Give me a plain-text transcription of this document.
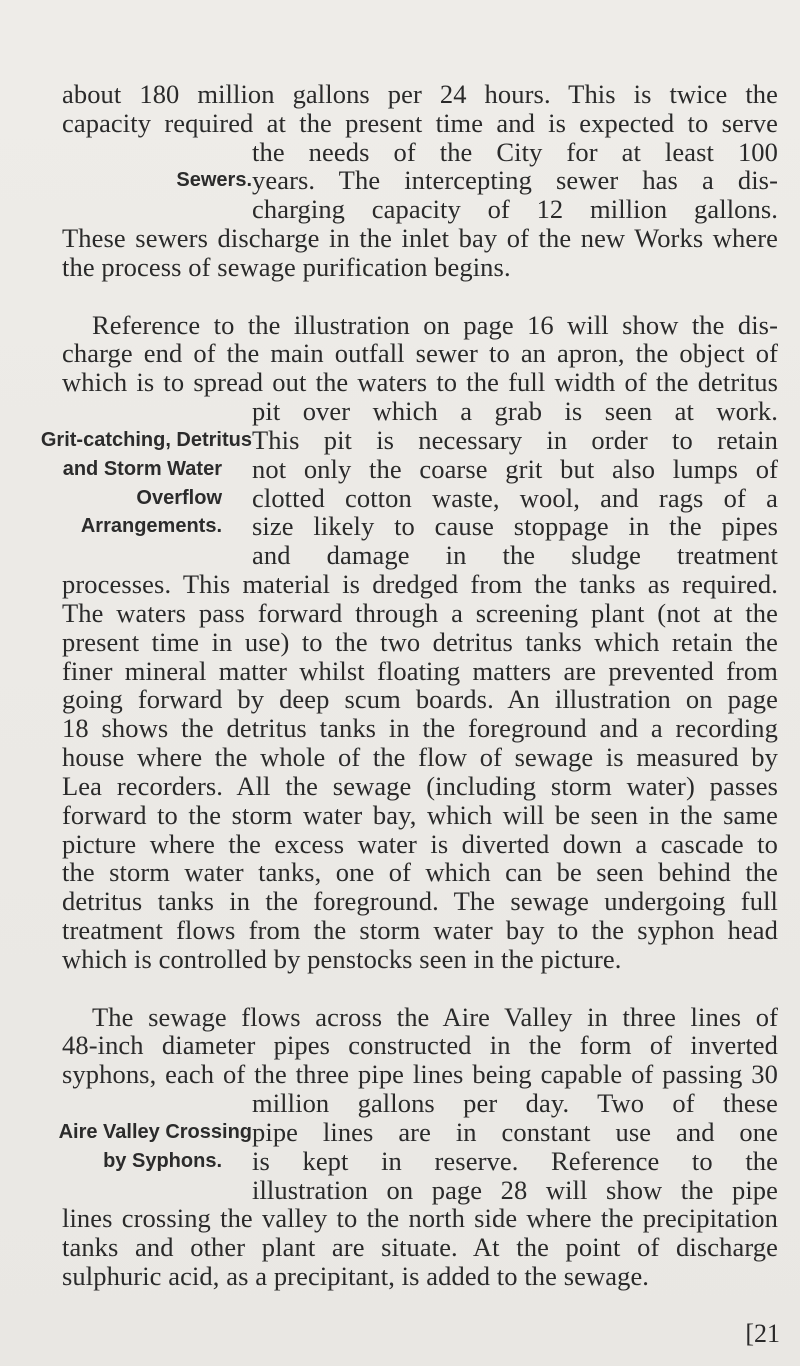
about 180 million gallons per 24 hours. This is twice the
capacity required at the present time and is expected to serve
the needs of the City for at least 100
Sewers. years. The intercepting sewer has a dis-
charging capacity of 12 million gallons.
These sewers discharge in the inlet bay of the new Works where
the process of sewage purification begins.
Reference to the illustration on page 16 will show the dis-
charge end of the main outfall sewer to an apron, the object of
which is to spread out the waters to the full width of the detritus
pit over which a grab is seen at work.
Grit-catching, Detritus This pit is necessary in order to retain
and Storm Water not only the coarse grit but also lumps of
Overflow clotted cotton waste, wool, and rags of a
Arrangements. size likely to cause stoppage in the pipes
and damage in the sludge treatment
processes. This material is dredged from the tanks as required.
The waters pass forward through a screening plant (not at the
present time in use) to the two detritus tanks which retain the
finer mineral matter whilst floating matters are prevented from
going forward by deep scum boards. An illustration on page
18 shows the detritus tanks in the foreground and a recording
house where the whole of the flow of sewage is measured by
Lea recorders. All the sewage (including storm water) passes
forward to the storm water bay, which will be seen in the same
picture where the excess water is diverted down a cascade to
the storm water tanks, one of which can be seen behind the
detritus tanks in the foreground. The sewage undergoing full
treatment flows from the storm water bay to the syphon head
which is controlled by penstocks seen in the picture.
The sewage flows across the Aire Valley in three lines of
48-inch diameter pipes constructed in the form of inverted
syphons, each of the three pipe lines being capable of passing 30
million gallons per day. Two of these
Aire Valley Crossing pipe lines are in constant use and one
by Syphons. is kept in reserve. Reference to the
illustration on page 28 will show the pipe
lines crossing the valley to the north side where the precipitation
tanks and other plant are situate. At the point of discharge
sulphuric acid, as a precipitant, is added to the sewage.
[21
